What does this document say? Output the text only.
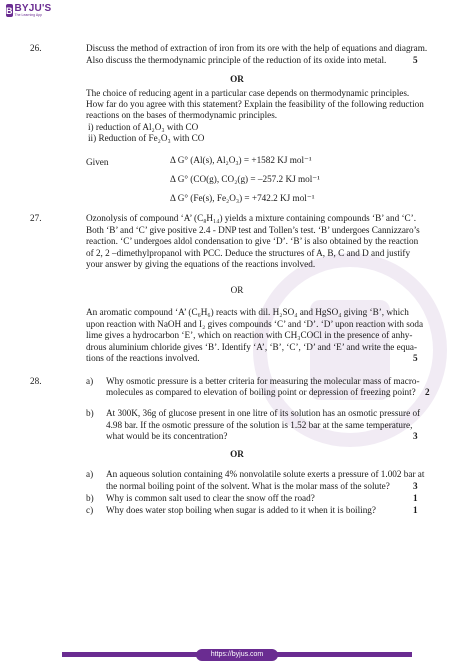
B BYJU'S
The Learning App
26.	Discuss the method of extraction of iron from its ore with the help of equations and diagram.
Also discuss the thermodynamic principle of the reduction of its oxide into metal.	5
OR
The choice of reducing agent in a particular case depends on thermodynamic principles.
How far do you agree with this statement? Explain the feasibility of the following reduction
reactions on the bases of thermodynamic principles.
i) reduction of Al₂O₃ with CO
ii) Reduction of Fe₂O₃ with CO
Given	Δ G° (Al(s), Al₂O₃) = +1582 KJ mol⁻¹
Δ G° (CO(g), CO₂(g) = –257.2 KJ mol⁻¹
Δ G° (Fe(s), Fe₂O₃) = +742.2 KJ mol⁻¹
27.	Ozonolysis of compound ‘A’ (C₈H₁₄) yields a mixture containing compounds ‘B’ and ‘C’.
Both ‘B’ and ‘C’ give positive 2.4 - DNP test and Tollen’s test. ‘B’ undergoes Cannizzaro’s
reaction. ‘C’ undergoes aldol condensation to give ‘D’. ‘B’ is also obtained by the reaction
of 2, 2 –dimethylpropanol with PCC. Deduce the structures of A, B, C and D and justify
your answer by giving the equations of the reactions involved.
OR
An aromatic compound ‘A’ (C₆H₆) reacts with dil. H₂SO₄ and HgSO₄ giving ‘B’, which
upon reaction with NaOH and I₂ gives compounds ‘C’ and ‘D’. ‘D’ upon reaction with soda
lime gives a hydrocarbon ‘E’, which on reaction with CH₃COCl in the presence of anhy-
drous aluminium chloride gives ‘B’. Identify ‘A’, ‘B’, ‘C’, ‘D’ and ‘E’ and write the equa-
tions of the reactions involved.	5
28.	a) Why osmotic pressure is a better criteria for measuring the molecular mass of macro-
molecules as compared to elevation of boiling point or depression of freezing point? 2
b) At 300K, 36g of glucose present in one litre of its solution has an osmotic pressure of
4.98 bar. If the osmotic pressure of the solution is 1.52 bar at the same temperature,
what would be its concentration?	3
OR
a) An aqueous solution containing 4% nonvolatile solute exerts a pressure of 1.002 bar at
the normal boiling point of the solvent. What is the molar mass of the solute?	3
b) Why is common salt used to clear the snow off the road?	1
c) Why does water stop boiling when sugar is added to it when it is boiling?	1
https://byjus.com
